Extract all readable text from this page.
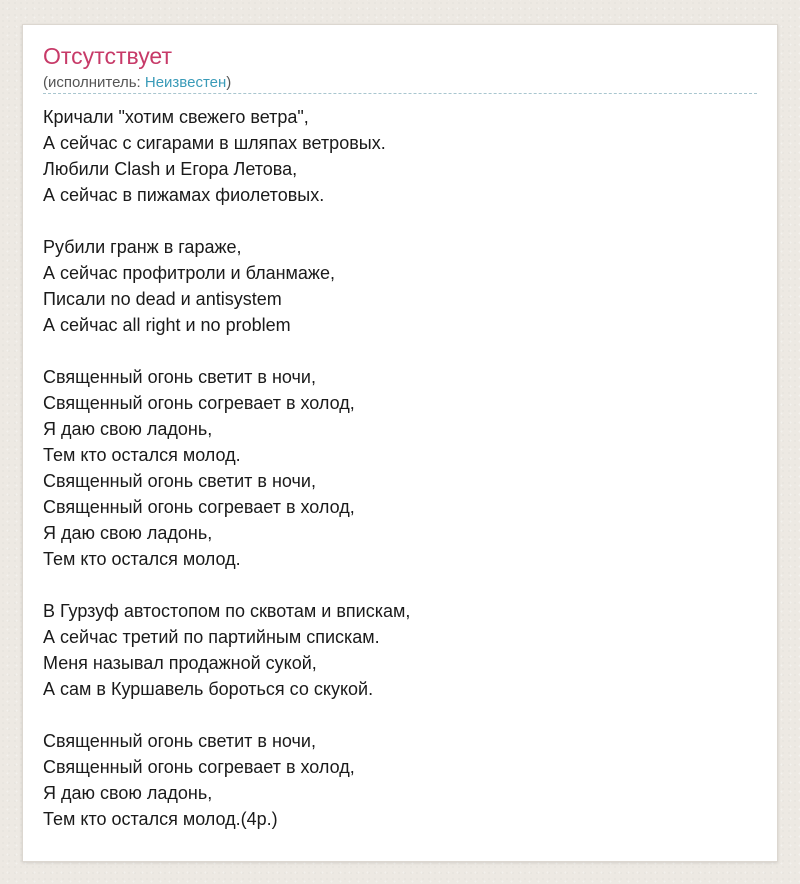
Отсутствует
(исполнитель: Неизвестен)
Кричали "хотим свежего ветра",
А сейчас с сигарами в шляпах ветровых.
Любили Clash и Егора Летова,
А сейчас в пижамах фиолетовых.
Рубили гранж в гараже,
А сейчас профитроли и бланмаже,
Писали no dead и antisystem
А сейчас all right и no problem
Священный огонь светит в ночи,
Священный огонь согревает в холод,
Я даю свою ладонь,
Тем кто остался молод.
Священный огонь светит в ночи,
Священный огонь согревает в холод,
Я даю свою ладонь,
Тем кто остался молод.
В Гурзуф автостопом по сквотам и впискам,
А сейчас третий по партийным спискам.
Меня называл продажной сукой,
А сам в Куршавель бороться со скукой.
Священный огонь светит в ночи,
Священный огонь согревает в холод,
Я даю свою ладонь,
Тем кто остался молод.(4р.)
